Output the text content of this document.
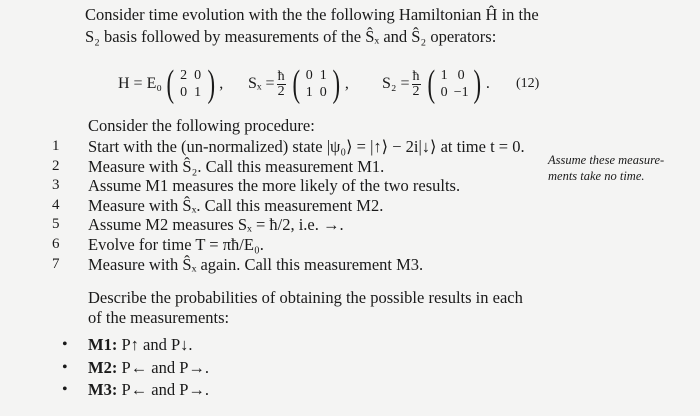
Consider time evolution with the the following Hamiltonian Ĥ in the
S₂ basis followed by measurements of the Ŝₓ and Ŝ₂ operators:
H = E₀ ( 2 0
0 1 ) , $S_x = \frac{ħ}{2}$ ( 0 1
1 0 ) , $S_2 = \frac{ħ}{2}$ ( 1 0
0 −1 ) . (12)
Consider the following procedure:
1	Start with the (un-normalized) state |ψ₀⟩ = |↑⟩ − 2i|↓⟩ at time t = 0.
2	Measure with Ŝ₂. Call this measurement M1.
3	Assume M1 measures the more likely of the two results.
4	Measure with Ŝₓ. Call this measurement M2.
5	Assume M2 measures Sₓ = ħ/2, i.e. →.
6	Evolve for time T = πħ/E₀.
7	Measure with Ŝₓ again. Call this measurement M3.
Assume these measure-ments take no time.
Describe the probabilities of obtaining the possible results in each of the measurements:
•	M1:
P↑ and P↓.
•	M2:
P← and P→.
•	M3:
P← and P→.
